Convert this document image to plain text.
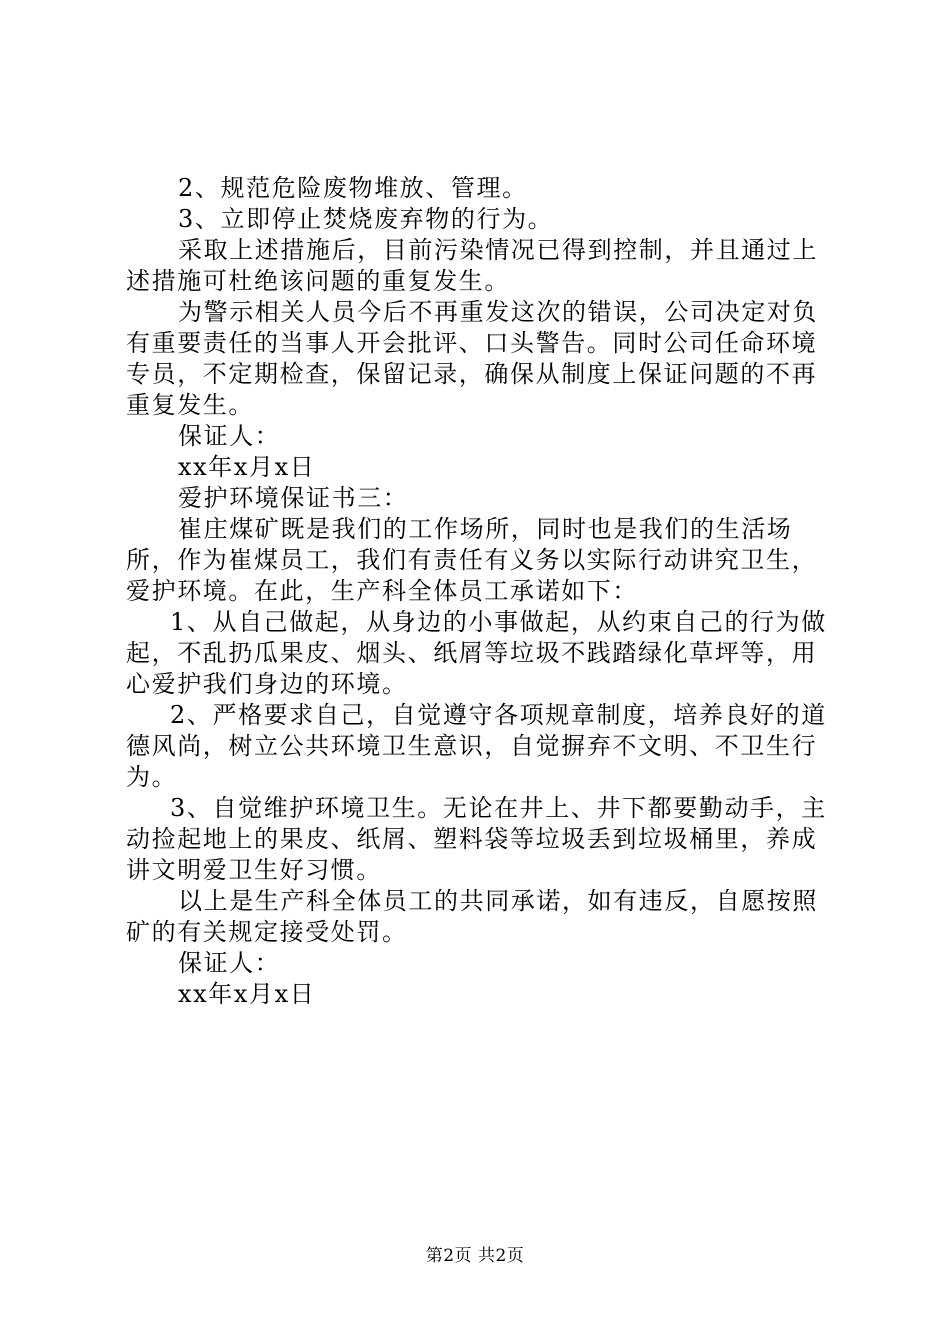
2、规范危险废物堆放、管理。

3、立即停止焚烧废弃物的行为。

采取上述措施后，目前污染情况已得到控制，并且通过上述措施可杜绝该问题的重复发生。

为警示相关人员今后不再重发这次的错误，公司决定对负有重要责任的当事人开会批评、口头警告。同时公司任命环境专员，不定期检查，保留记录，确保从制度上保证问题的不再重复发生。

保证人：

xx年x月x日

爱护环境保证书三：

崔庄煤矿既是我们的工作场所，同时也是我们的生活场所，作为崔煤员工，我们有责任有义务以实际行动讲究卫生，爱护环境。在此，生产科全体员工承诺如下：

1、从自己做起，从身边的小事做起，从约束自己的行为做起，不乱扔瓜果皮、烟头、纸屑等垃圾不践踏绿化草坪等，用心爱护我们身边的环境。

2、严格要求自己，自觉遵守各项规章制度，培养良好的道德风尚，树立公共环境卫生意识，自觉摒弃不文明、不卫生行为。

3、自觉维护环境卫生。无论在井上、井下都要勤动手，主动捡起地上的果皮、纸屑、塑料袋等垃圾丢到垃圾桶里，养成讲文明爱卫生好习惯。

以上是生产科全体员工的共同承诺，如有违反，自愿按照矿的有关规定接受处罚。

保证人：

xx年x月x日

第2页 共2页
